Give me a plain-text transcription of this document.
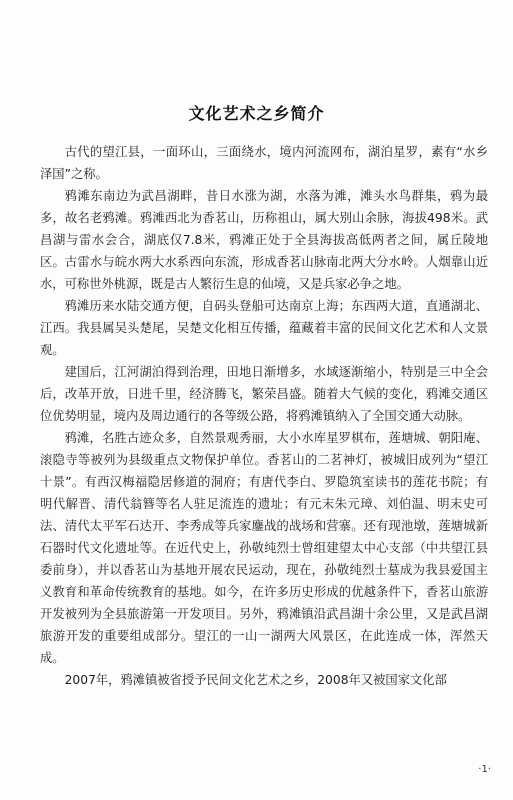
文化艺术之乡简介

古代的望江县，一面环山，三面绕水，境内河流网布，湖泊星罗，素有“水乡泽国”之称。

鸦滩东南边为武昌湖畔，昔日水涨为湖，水落为滩，滩头水鸟群集，鸦为最多，故名老鸦滩。鸦滩西北为香茗山，历称祖山，属大别山余脉，海拔498米。武昌湖与雷水会合，湖底仅7.8米，鸦滩正处于全县海拔高低两者之间，属丘陵地区。古雷水与皖水两大水系西向东流，形成香茗山脉南北两大分水岭。人烟靠山近水，可称世外桃源，既是古人繁衍生息的仙境，又是兵家必争之地。

鸦滩历来水陆交通方便，自码头登船可达南京上海；东西两大道，直通湖北、江西。我县属吴头楚尾，吴楚文化相互传播，蕴藏着丰富的民间文化艺术和人文景观。

建国后，江河湖泊得到治理，田地日渐增多，水域逐渐缩小，特别是三中全会后，改革开放，日进千里，经济腾飞，繁荣昌盛。随着大气候的变化，鸦滩交通区位优势明显，境内及周边通行的各等级公路，将鸦滩镇纳入了全国交通大动脉。

鸦滩，名胜古迹众多，自然景观秀丽，大小水库星罗棋布，莲塘城、朝阳庵、滚隐寺等被列为县级重点文物保护单位。香茗山的二茗神灯，被城旧成列为“望江十景”。有西汉梅福隐居修道的洞府；有唐代李白、罗隐筑室读书的莲花书院；有明代解晋、清代翁簪等名人驻足流连的遗址；有元末朱元璋、刘伯温、明末史可法、清代太平军石达开、李秀成等兵家鏖战的战场和营寨。还有现池墩，莲塘城新石器时代文化遗址等。在近代史上，孙敬纯烈士曾组建望太中心支部（中共望江县委前身），并以香茗山为基地开展农民运动，现在，孙敬纯烈士墓成为我县爱国主义教育和革命传统教育的基地。如今，在许多历史形成的优越条件下，香茗山旅游开发被列为全县旅游第一开发项目。另外，鸦滩镇沿武昌湖十余公里，又是武昌湖旅游开发的重要组成部分。望江的一山一湖两大风景区，在此连成一体，浑然天成。

2007年，鸦滩镇被省授予民间文化艺术之乡，2008年又被国家文化部

·1·
